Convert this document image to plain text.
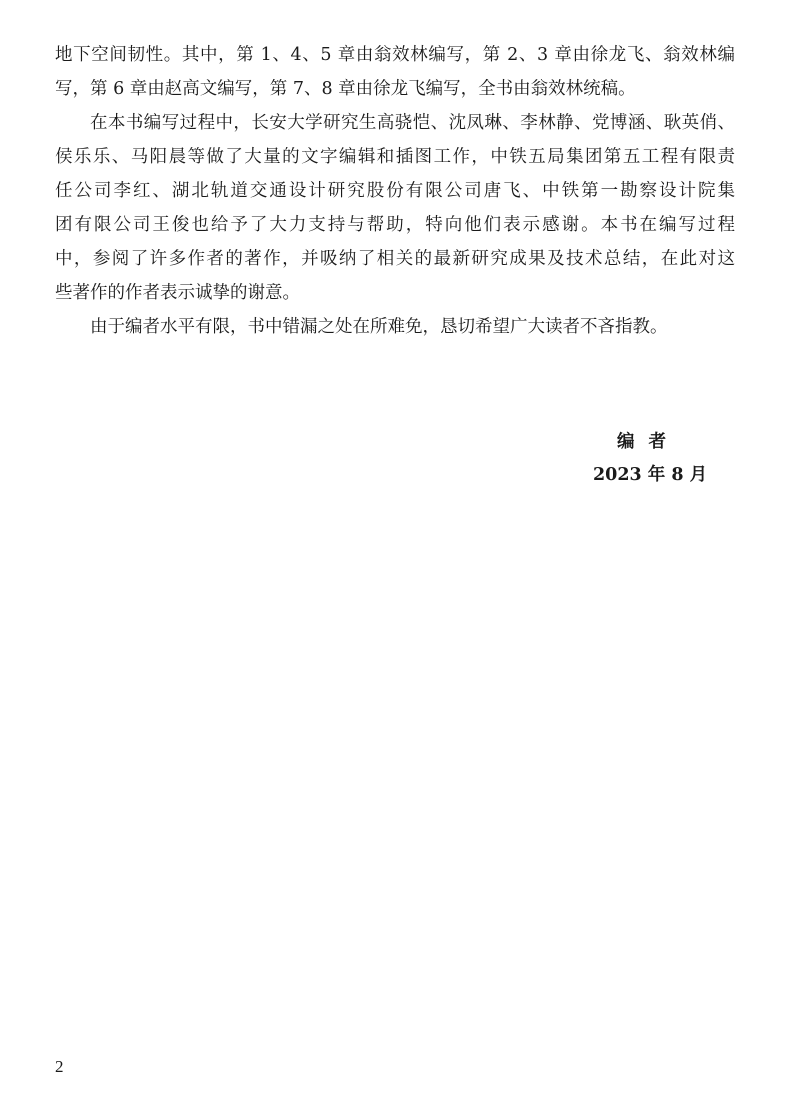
地下空间韧性。其中，第 1、4、5 章由翁效林编写，第 2、3 章由徐龙飞、翁效林编
写，第 6 章由赵高文编写，第 7、8 章由徐龙飞编写，全书由翁效林统稿。
在本书编写过程中，长安大学研究生高骁恺、沈凤琳、李林静、党博涵、耿英俏、
侯乐乐、马阳晨等做了大量的文字编辑和插图工作，中铁五局集团第五工程有限责
任公司李红、湖北轨道交通设计研究股份有限公司唐飞、中铁第一勘察设计院集
团有限公司王俊也给予了大力支持与帮助，特向他们表示感谢。本书在编写过程
中，参阅了许多作者的著作，并吸纳了相关的最新研究成果及技术总结，在此对这
些著作的作者表示诚挚的谢意。
由于编者水平有限，书中错漏之处在所难免，恳切希望广大读者不吝指教。
编者
2023 年 8 月
2
